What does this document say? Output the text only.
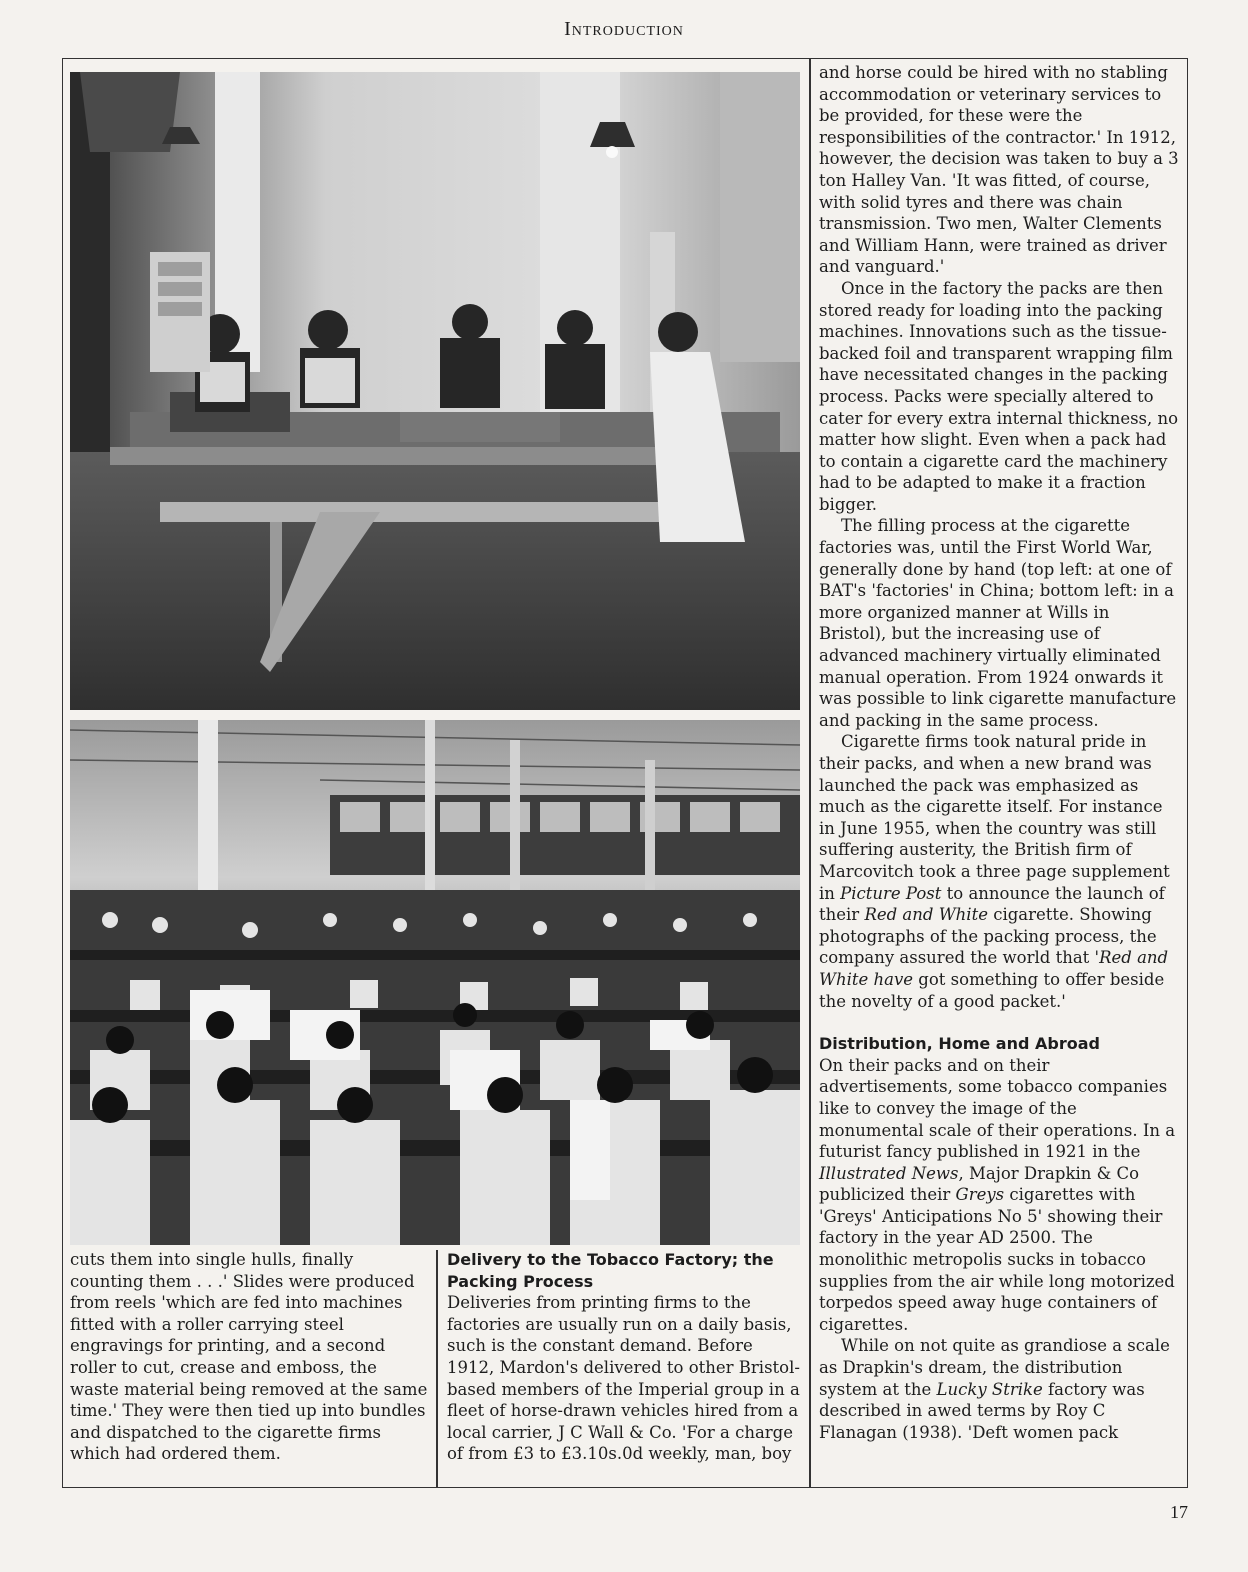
Introduction

and horse could be hired with no stabling accommodation or veterinary services to be provided, for these were the responsibilities of the contractor.' In 1912, however, the decision was taken to buy a 3 ton Halley Van. 'It was fitted, of course, with solid tyres and there was chain transmission. Two men, Walter Clements and William Hann, were trained as driver and vanguard.'

Once in the factory the packs are then stored ready for loading into the packing machines. Innovations such as the tissue-backed foil and transparent wrapping film have necessitated changes in the packing process. Packs were specially altered to cater for every extra internal thickness, no matter how slight. Even when a pack had to contain a cigarette card the machinery had to be adapted to make it a fraction bigger.

The filling process at the cigarette factories was, until the First World War, generally done by hand (top left: at one of BAT's 'factories' in China; bottom left: in a more organized manner at Wills in Bristol), but the increasing use of advanced machinery virtually eliminated manual operation. From 1924 onwards it was possible to link cigarette manufacture and packing in the same process.

Cigarette firms took natural pride in their packs, and when a new brand was launched the pack was emphasized as much as the cigarette itself. For instance in June 1955, when the country was still suffering austerity, the British firm of Marcovitch took a three page supplement in Picture Post to announce the launch of their Red and White cigarette. Showing photographs of the packing process, the company assured the world that 'Red and White have got something to offer beside the novelty of a good packet.'

Distribution, Home and Abroad

On their packs and on their advertisements, some tobacco companies like to convey the image of the monumental scale of their operations. In a futurist fancy published in 1921 in the Illustrated News, Major Drapkin & Co publicized their Greys cigarettes with 'Greys' Anticipations No 5' showing their factory in the year AD 2500. The monolithic metropolis sucks in tobacco supplies from the air while long motorized torpedos speed away huge containers of cigarettes.

While on not quite as grandiose a scale as Drapkin's dream, the distribution system at the Lucky Strike factory was described in awed terms by Roy C Flanagan (1938). 'Deft women pack

cuts them into single hulls, finally counting them . . .' Slides were produced from reels 'which are fed into machines fitted with a roller carrying steel engravings for printing, and a second roller to cut, crease and emboss, the waste material being removed at the same time.' They were then tied up into bundles and dispatched to the cigarette firms which had ordered them.

Delivery to the Tobacco Factory; the Packing Process

Deliveries from printing firms to the factories are usually run on a daily basis, such is the constant demand. Before 1912, Mardon's delivered to other Bristol-based members of the Imperial group in a fleet of horse-drawn vehicles hired from a local carrier, J C Wall & Co. 'For a charge of from £3 to £3.10s.0d weekly, man, boy

17
